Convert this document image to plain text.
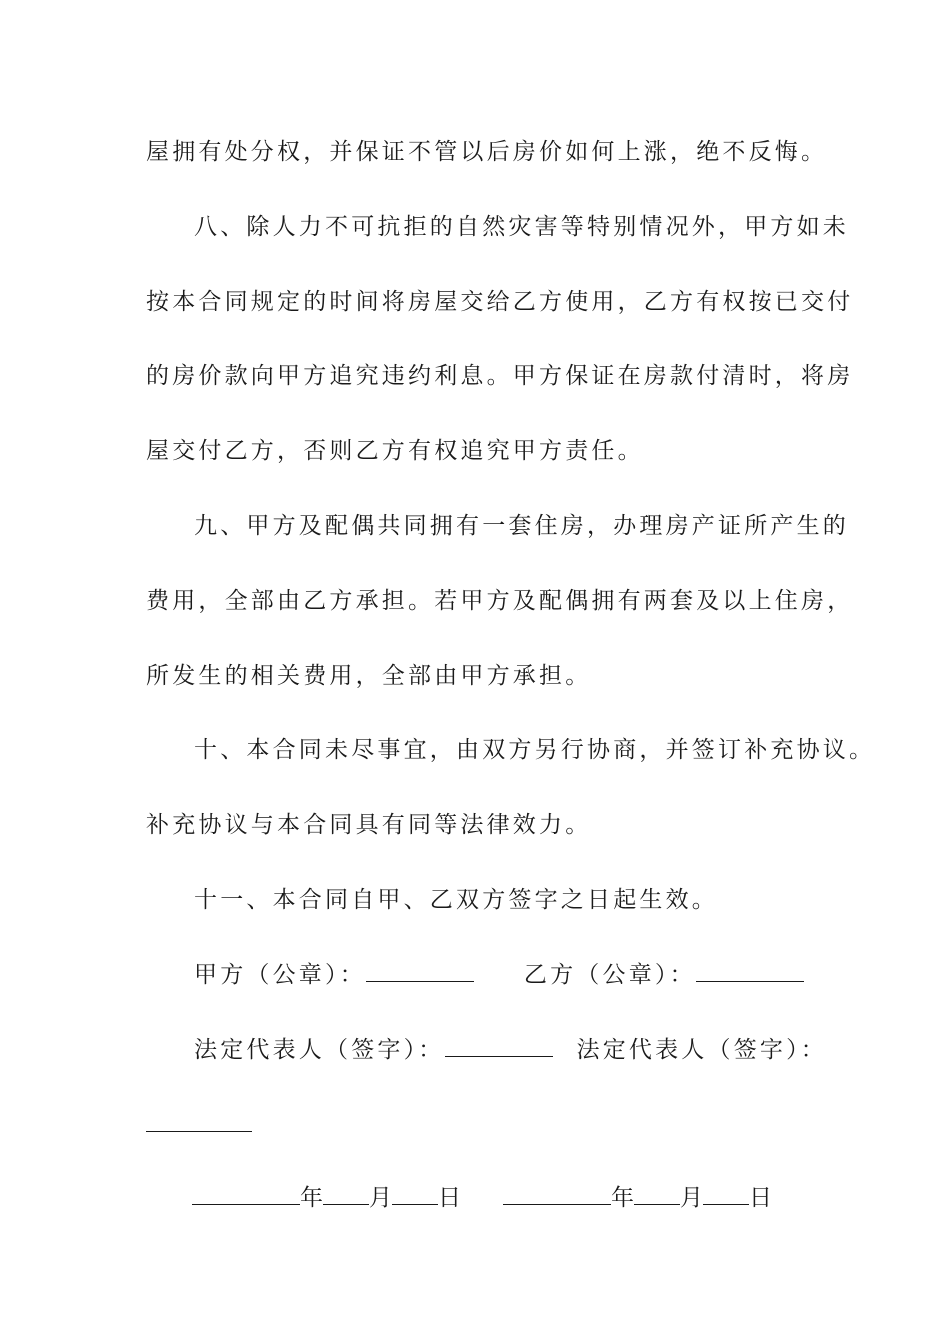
屋拥有处分权，并保证不管以后房价如何上涨，绝不反悔。
八、除人力不可抗拒的自然灾害等特别情况外，甲方如未
按本合同规定的时间将房屋交给乙方使用，乙方有权按已交付
的房价款向甲方追究违约利息。甲方保证在房款付清时，将房
屋交付乙方，否则乙方有权追究甲方责任。
九、甲方及配偶共同拥有一套住房，办理房产证所产生的
费用，全部由乙方承担。若甲方及配偶拥有两套及以上住房，
所发生的相关费用，全部由甲方承担。
十、本合同未尽事宜，由双方另行协商，并签订补充协议。
补充协议与本合同具有同等法律效力。
十一、本合同自甲、乙双方签字之日起生效。
甲方（公章）：	乙方（公章）：
法定代表人（签字）：	法定代表人（签字）：
年 月 日	年 月 日
